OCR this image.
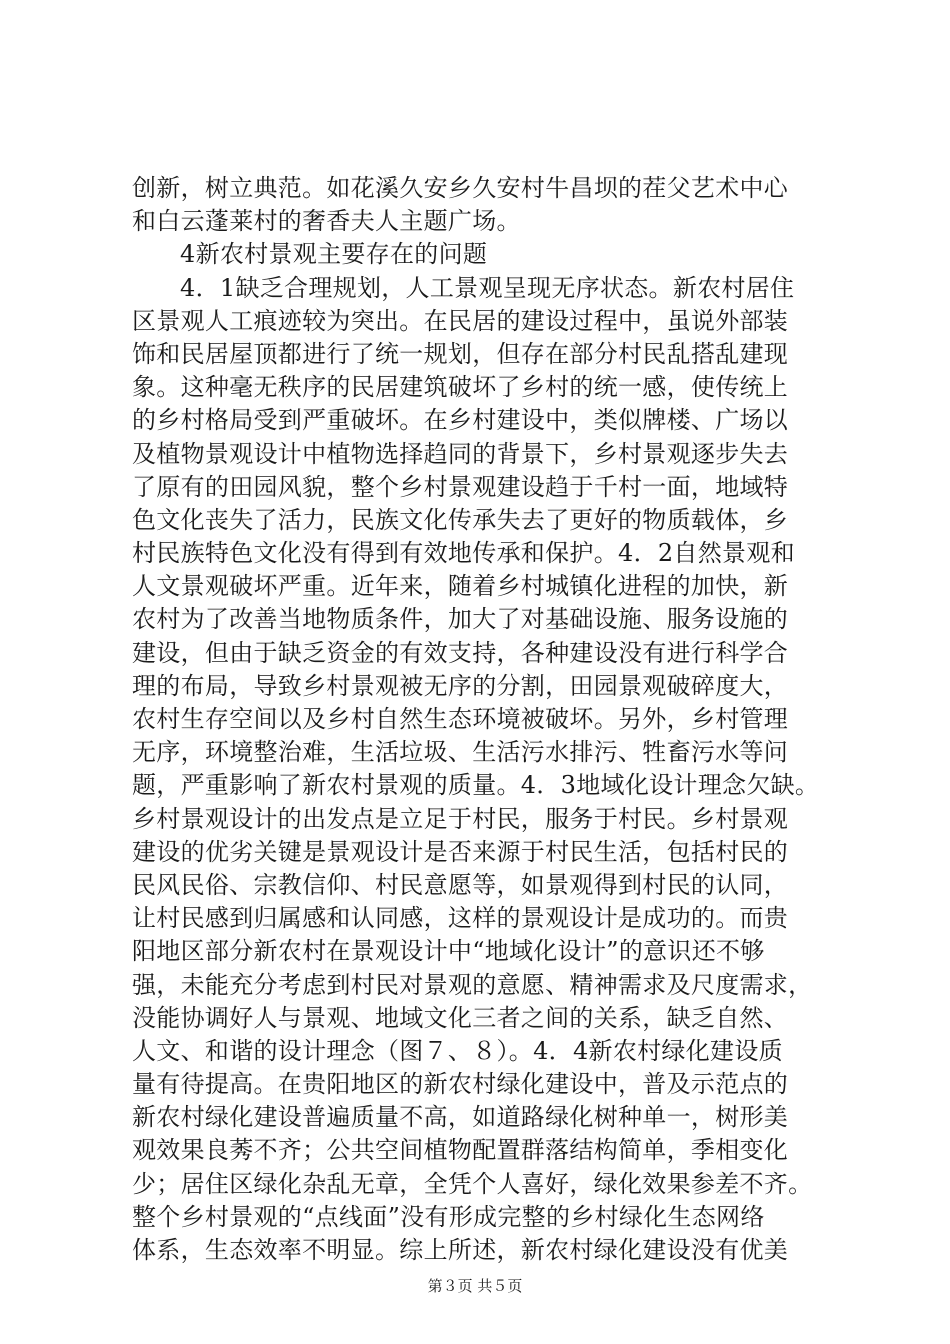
创新，树立典范。如花溪久安乡久安村牛昌坝的茬父艺术中心
和白云蓬莱村的奢香夫人主题广场。
4新农村景观主要存在的问题
4．1缺乏合理规划，人工景观呈现无序状态。新农村居住
区景观人工痕迹较为突出。在民居的建设过程中，虽说外部装
饰和民居屋顶都进行了统一规划，但存在部分村民乱搭乱建现
象。这种毫无秩序的民居建筑破坏了乡村的统一感，使传统上
的乡村格局受到严重破坏。在乡村建设中，类似牌楼、广场以
及植物景观设计中植物选择趋同的背景下，乡村景观逐步失去
了原有的田园风貌，整个乡村景观建设趋于千村一面，地域特
色文化丧失了活力，民族文化传承失去了更好的物质载体，乡
村民族特色文化没有得到有效地传承和保护。4．2自然景观和
人文景观破坏严重。近年来，随着乡村城镇化进程的加快，新
农村为了改善当地物质条件，加大了对基础设施、服务设施的
建设，但由于缺乏资金的有效支持，各种建设没有进行科学合
理的布局，导致乡村景观被无序的分割，田园景观破碎度大，
农村生存空间以及乡村自然生态环境被破坏。另外，乡村管理
无序，环境整治难，生活垃圾、生活污水排污、牲畜污水等问
题，严重影响了新农村景观的质量。4．3地域化设计理念欠缺。
乡村景观设计的出发点是立足于村民，服务于村民。乡村景观
建设的优劣关键是景观设计是否来源于村民生活，包括村民的
民风民俗、宗教信仰、村民意愿等，如景观得到村民的认同，
让村民感到归属感和认同感，这样的景观设计是成功的。而贵
阳地区部分新农村在景观设计中“地域化设计”的意识还不够
强，未能充分考虑到村民对景观的意愿、精神需求及尺度需求，
没能协调好人与景观、地域文化三者之间的关系，缺乏自然、
人文、和谐的设计理念（图７、８）。4．4新农村绿化建设质
量有待提高。在贵阳地区的新农村绿化建设中，普及示范点的
新农村绿化建设普遍质量不高，如道路绿化树种单一，树形美
观效果良莠不齐；公共空间植物配置群落结构简单，季相变化
少；居住区绿化杂乱无章，全凭个人喜好，绿化效果参差不齐。
整个乡村景观的“点线面”没有形成完整的乡村绿化生态网络
体系，生态效率不明显。综上所述，新农村绿化建设没有优美
第３页 共５页
